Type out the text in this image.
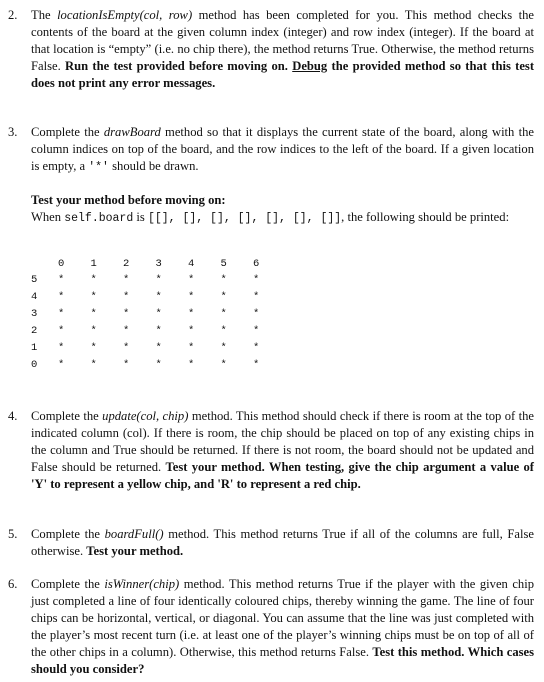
2. The locationIsEmpty(col, row) method has been completed for you. This method checks the contents of the board at the given column index (integer) and row index (integer). If the board at that location is “empty” (i.e. no chip there), the method returns True. Otherwise, the method returns False. Run the test provided before moving on. Debug the provided method so that this test does not print any error messages.
3. Complete the drawBoard method so that it displays the current state of the board, along with the column indices on top of the board, and the row indices to the left of the board. If a given location is empty, a '*' should be drawn.
Test your method before moving on:
When self.board is [[], [], [], [], [], [], []], the following should be printed:
0 1 2 3 4 5 6
5 * * * * * * *
4 * * * * * * *
3 * * * * * * *
2 * * * * * * *
1 * * * * * * *
0 * * * * * * *
4. Complete the update(col, chip) method. This method should check if there is room at the top of the indicated column (col). If there is room, the chip should be placed on top of any existing chips in the column and True should be returned. If there is not room, the board should not be updated and False should be returned. Test your method. When testing, give the chip argument a value of 'Y' to represent a yellow chip, and 'R' to represent a red chip.
5. Complete the boardFull() method. This method returns True if all of the columns are full, False otherwise. Test your method.
6. Complete the isWinner(chip) method. This method returns True if the player with the given chip just completed a line of four identically coloured chips, thereby winning the game. The line of four chips can be horizontal, vertical, or diagonal. You can assume that the line was just completed with the player’s most recent turn (i.e. at least one of the player’s winning chips must be on top of all of the other chips in a column). Otherwise, this method returns False. Test this method. Which cases should you consider?
